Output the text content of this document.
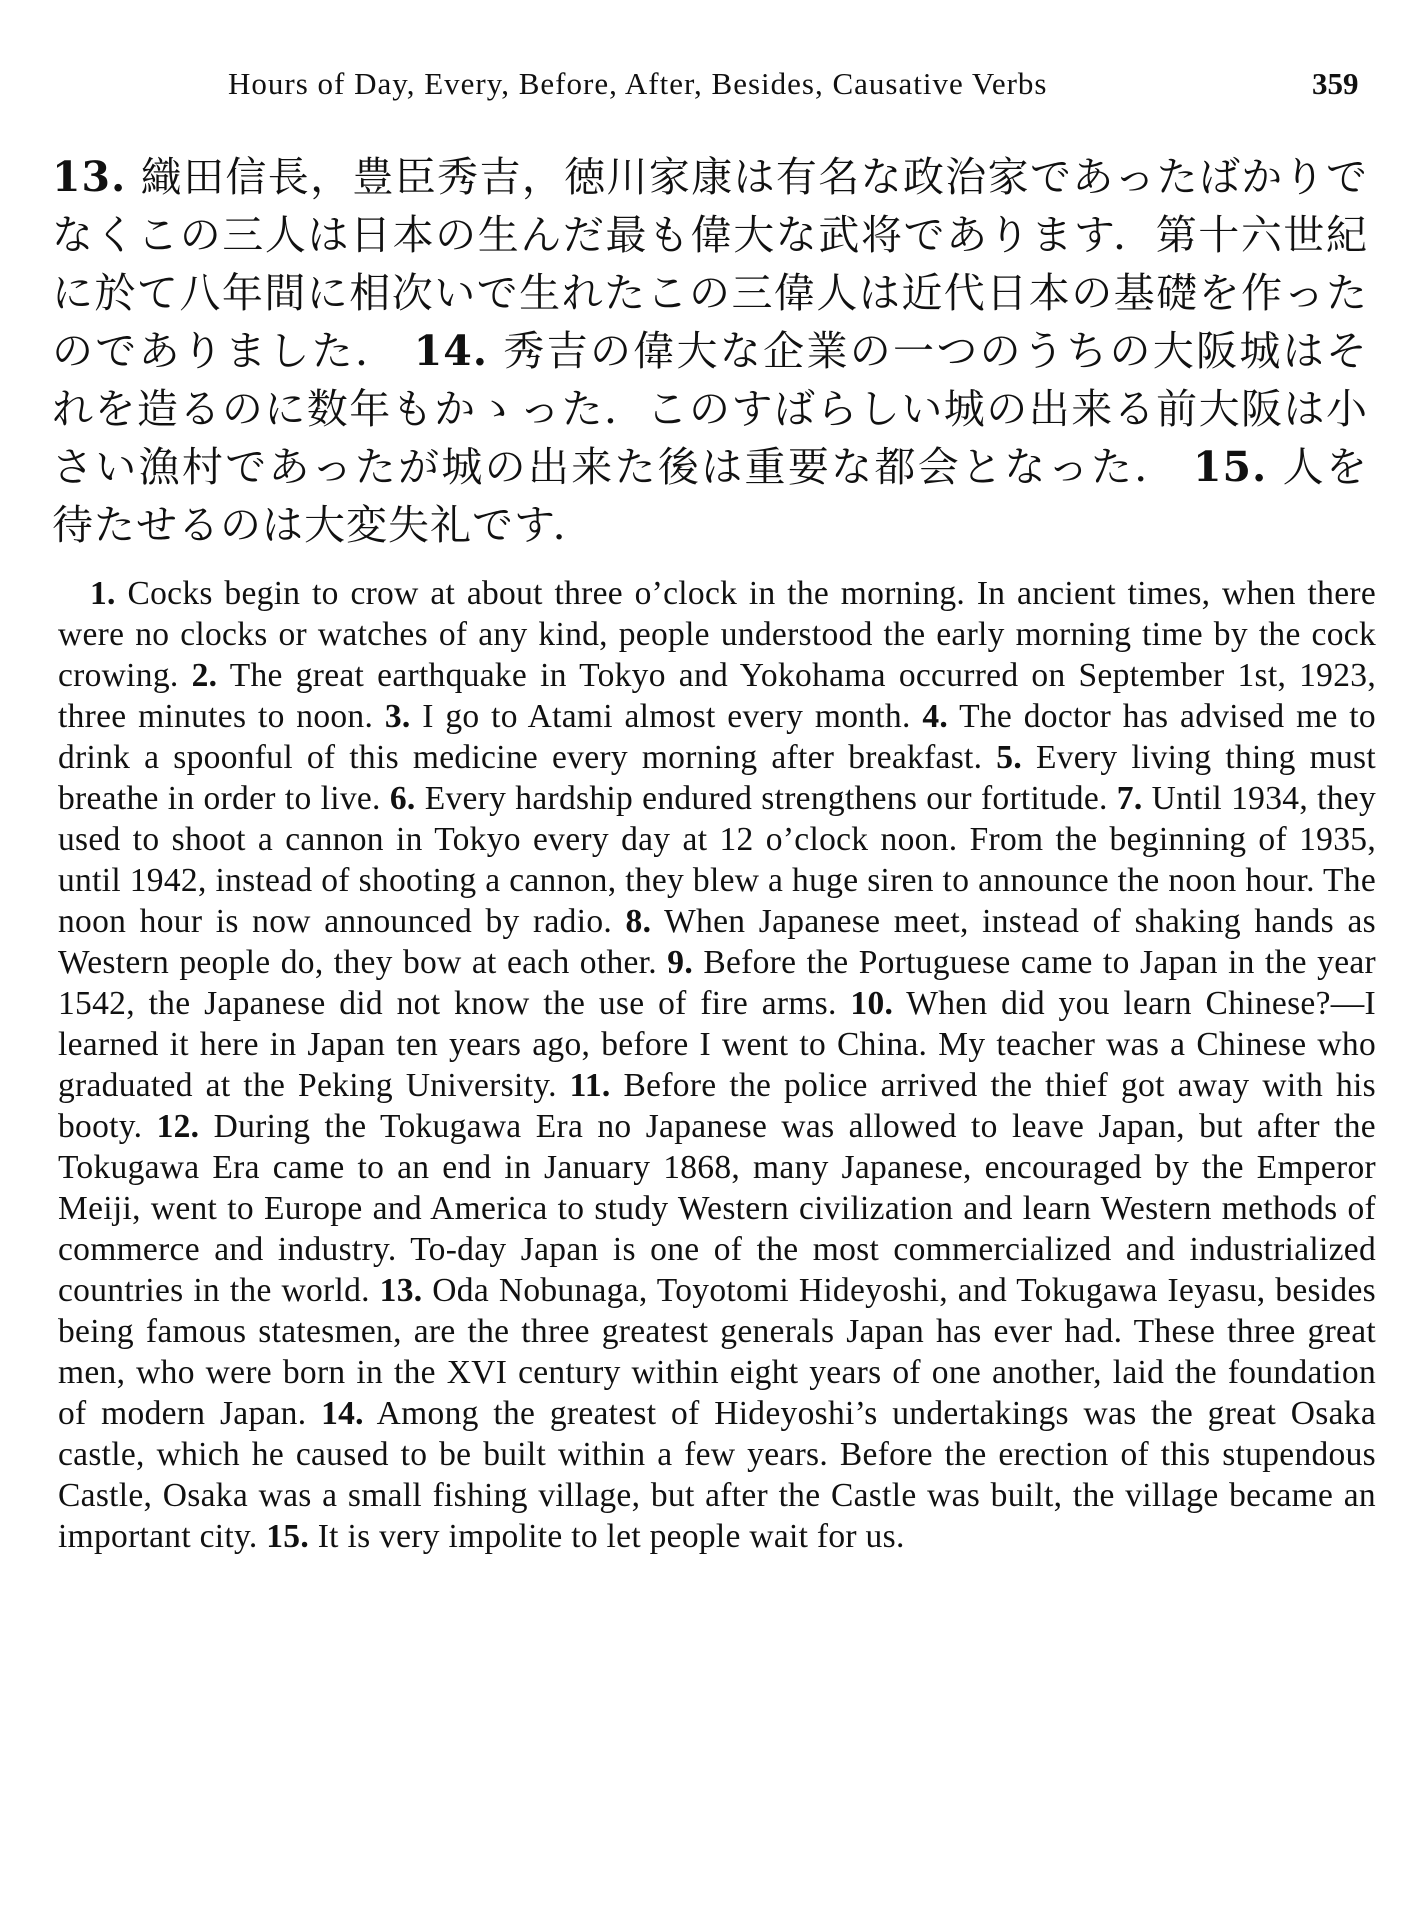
Hours of Day, Every, Before, After, Besides, Causative Verbs	359
13. 織田信長，豊臣秀吉，徳川家康は有名な政治家であったばかりでなくこの三人は日本の生んだ最も偉大な武将であります．第十六世紀に於て八年間に相次いで生れたこの三偉人は近代日本の基礎を作ったのでありました． 14. 秀吉の偉大な企業の一つのうちの大阪城はそれを造るのに数年もかゝった．このすばらしい城の出来る前大阪は小さい漁村であったが城の出来た後は重要な都会となった． 15. 人を待たせるのは大変失礼です．
1. Cocks begin to crow at about three o’clock in the morning. In ancient times, when there were no clocks or watches of any kind, people understood the early morning time by the cock crowing. 2. The great earthquake in Tokyo and Yokohama occurred on September 1st, 1923, three minutes to noon. 3. I go to Atami almost every month. 4. The doctor has advised me to drink a spoonful of this medicine every morning after breakfast. 5. Every living thing must breathe in order to live. 6. Every hardship endured strengthens our fortitude. 7. Until 1934, they used to shoot a cannon in Tokyo every day at 12 o’clock noon. From the beginning of 1935, until 1942, instead of shooting a cannon, they blew a huge siren to announce the noon hour. The noon hour is now announced by radio. 8. When Japanese meet, instead of shaking hands as Western people do, they bow at each other. 9. Before the Portuguese came to Japan in the year 1542, the Japanese did not know the use of fire arms. 10. When did you learn Chinese?—I learned it here in Japan ten years ago, before I went to China. My teacher was a Chinese who graduated at the Peking University. 11. Before the police arrived the thief got away with his booty. 12. During the Tokugawa Era no Japanese was allowed to leave Japan, but after the Tokugawa Era came to an end in January 1868, many Japanese, encouraged by the Emperor Meiji, went to Europe and America to study Western civilization and learn Western methods of commerce and industry. To-day Japan is one of the most commercialized and industrialized countries in the world. 13. Oda Nobunaga, Toyotomi Hideyoshi, and Tokugawa Ieyasu, besides being famous statesmen, are the three greatest generals Japan has ever had. These three great men, who were born in the XVI century within eight years of one another, laid the foundation of modern Japan. 14. Among the greatest of Hideyoshi’s undertakings was the great Osaka castle, which he caused to be built within a few years. Before the erection of this stupendous Castle, Osaka was a small fishing village, but after the Castle was built, the village became an important city. 15. It is very impolite to let people wait for us.
